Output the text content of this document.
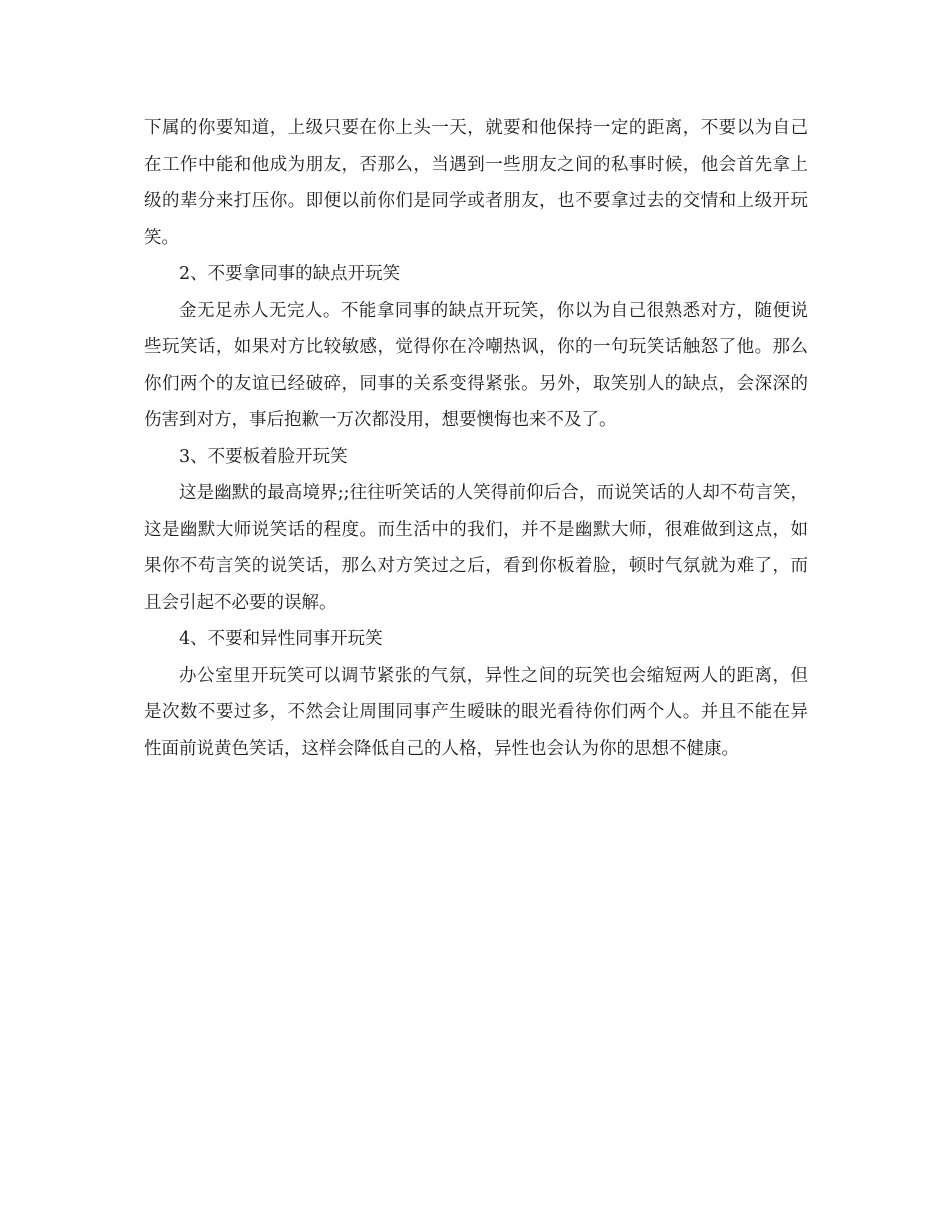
下属的你要知道，上级只要在你上头一天，就要和他保持一定的距离，不要以为自己在工作中能和他成为朋友，否那么，当遇到一些朋友之间的私事时候，他会首先拿上级的辈分来打压你。即便以前你们是同学或者朋友，也不要拿过去的交情和上级开玩笑。

2、不要拿同事的缺点开玩笑

金无足赤人无完人。不能拿同事的缺点开玩笑，你以为自己很熟悉对方，随便说些玩笑话，如果对方比较敏感，觉得你在冷嘲热讽，你的一句玩笑话触怒了他。那么你们两个的友谊已经破碎，同事的关系变得紧张。另外，取笑别人的缺点，会深深的伤害到对方，事后抱歉一万次都没用，想要懊悔也来不及了。

3、不要板着脸开玩笑

这是幽默的最高境界;;往往听笑话的人笑得前仰后合，而说笑话的人却不苟言笑，这是幽默大师说笑话的程度。而生活中的我们，并不是幽默大师，很难做到这点，如果你不苟言笑的说笑话，那么对方笑过之后，看到你板着脸，顿时气氛就为难了，而且会引起不必要的误解。

4、不要和异性同事开玩笑

办公室里开玩笑可以调节紧张的气氛，异性之间的玩笑也会缩短两人的距离，但是次数不要过多，不然会让周围同事产生暧昧的眼光看待你们两个人。并且不能在异性面前说黄色笑话，这样会降低自己的人格，异性也会认为你的思想不健康。
